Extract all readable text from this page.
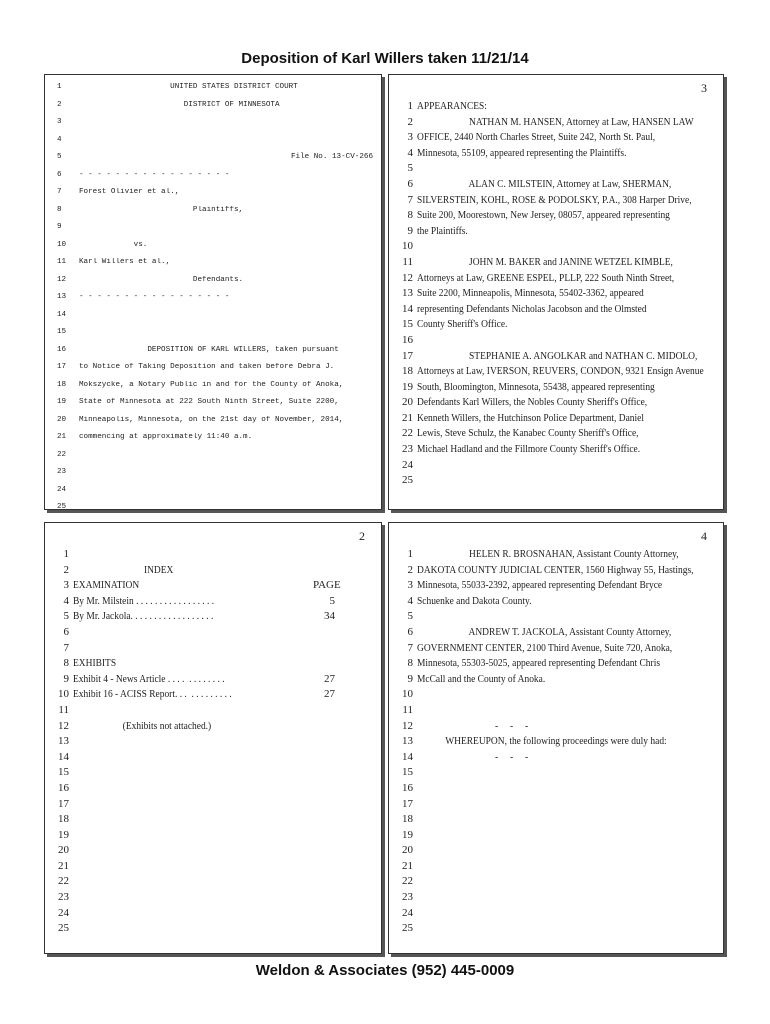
Deposition of Karl Willers taken 11/21/14
1	UNITED STATES DISTRICT COURT
2	DISTRICT OF MINNESOTA
3
4
5	File No. 13-CV-266
6	- - - - - - - - - - - - - - - - -
7	Forest Olivier et al.,
8	Plaintiffs,
9
10	vs.
11	Karl Willers et al.,
12	Defendants.
13	- - - - - - - - - - - - - - - - -
14
15
16	DEPOSITION OF KARL WILLERS, taken pursuant
17	to Notice of Taking Deposition and taken before Debra J.
18	Mokszycke, a Notary Public in and for the County of Anoka,
19	State of Minnesota at 222 South Ninth Street, Suite 2200,
20	Minneapolis, Minnesota, on the 21st day of November, 2014,
21	commencing at approximately 11:40 a.m.
22
23
24
25
3
1 APPEARANCES:
2 NATHAN M. HANSEN, Attorney at Law, HANSEN LAW
3 OFFICE, 2440 North Charles Street, Suite 242, North St. Paul,
4 Minnesota, 55109, appeared representing the Plaintiffs.
5
6 ALAN C. MILSTEIN, Attorney at Law, SHERMAN,
7 SILVERSTEIN, KOHL, ROSE & PODOLSKY, P.A., 308 Harper Drive,
8 Suite 200, Moorestown, New Jersey, 08057, appeared representing
9 the Plaintiffs.
10
11 JOHN M. BAKER and JANINE WETZEL KIMBLE,
12 Attorneys at Law, GREENE ESPEL, PLLP, 222 South Ninth Street,
13 Suite 2200, Minneapolis, Minnesota, 55402-3362, appeared
14 representing Defendants Nicholas Jacobson and the Olmsted
15 County Sheriff's Office.
16
17 STEPHANIE A. ANGOLKAR and NATHAN C. MIDOLO,
18 Attorneys at Law, IVERSON, REUVERS, CONDON, 9321 Ensign Avenue
19 South, Bloomington, Minnesota, 55438, appeared representing
20 Defendants Karl Willers, the Nobles County Sheriff's Office,
21 Kenneth Willers, the Hutchinson Police Department, Daniel
22 Lewis, Steve Schulz, the Kanabec County Sheriff's Office,
23 Michael Hadland and the Fillmore County Sheriff's Office.
24
25
2
1
2 INDEX
3 EXAMINATION	PAGE
4 By Mr. Milstein . . . . . . . . . . . . . . . . .	5
5 By Mr. Jackola. . . . . . . . . . . . . . . . . .	34
6
7
8 EXHIBITS
9 Exhibit 4 - News Article . . . .  . . . . . . . .	27
10 Exhibit 16 - ACISS Report. . .  . . . . . . . . .	27
11
12 (Exhibits not attached.)
13
14
15
16
17
18
19
20
21
22
23
24
25
4
1 HELEN R. BROSNAHAN, Assistant County Attorney,
2 DAKOTA COUNTY JUDICIAL CENTER, 1560 Highway 55, Hastings,
3 Minnesota, 55033-2392, appeared representing Defendant Bryce
4 Schuenke and Dakota County.
5
6 ANDREW T. JACKOLA, Assistant County Attorney,
7 GOVERNMENT CENTER, 2100 Third Avenue, Suite 720, Anoka,
8 Minnesota, 55303-5025, appeared representing Defendant Chris
9 McCall and the County of Anoka.
10
11
12 -     -     -
13 WHEREUPON, the following proceedings were duly had:
14 -     -     -
15
16
17
18
19
20
21
22
23
24
25
Weldon & Associates (952) 445-0009
